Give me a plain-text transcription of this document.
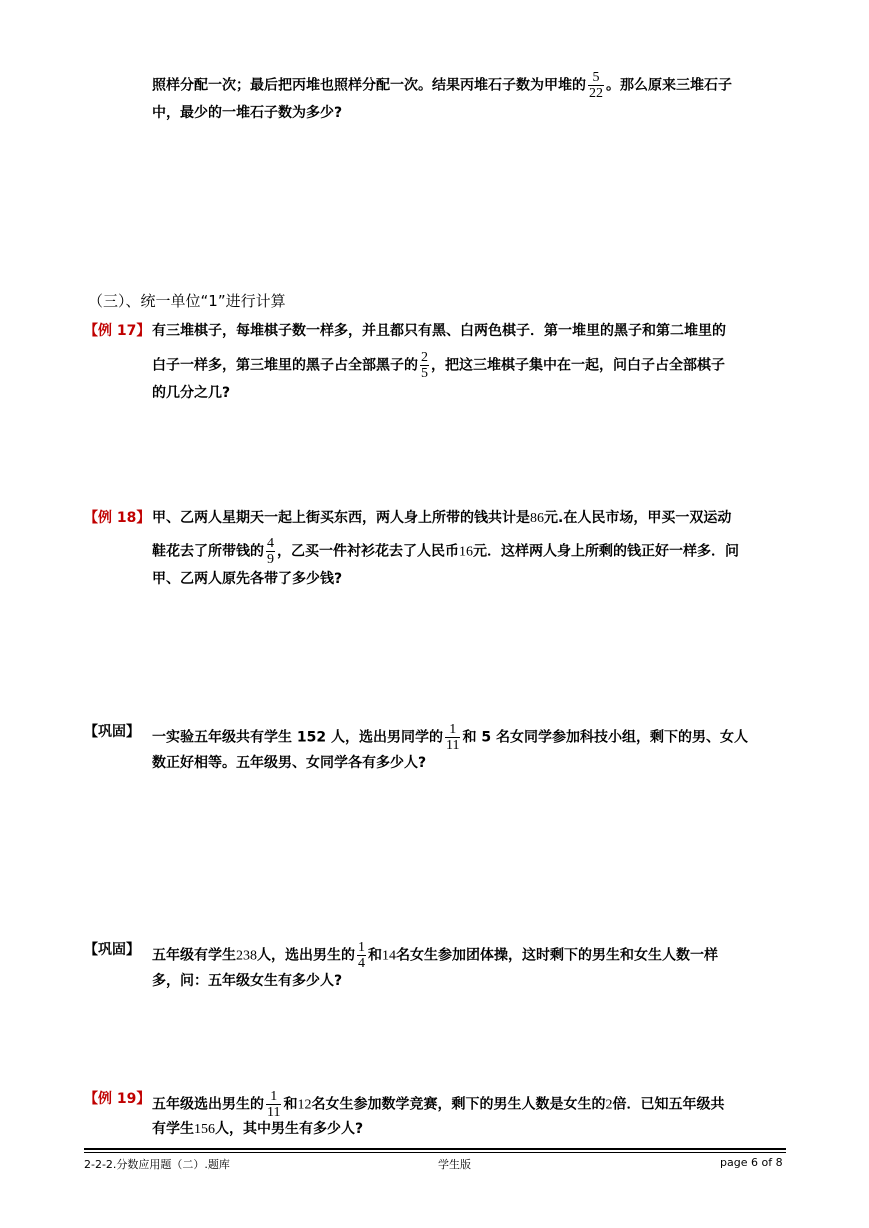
照样分配一次；最后把丙堆也照样分配一次。结果丙堆石子数为甲堆的 $\frac{5}{22}$ 。那么原来三堆石子
中，最少的一堆石子数为多少?
（三）、统一单位“1”进行计算
【例 17】 有三堆棋子，每堆棋子数一样多，并且都只有黑、白两色棋子．第一堆里的黑子和第二堆里的
白子一样多，第三堆里的黑子占全部黑子的 $\frac{2}{5}$ ，把这三堆棋子集中在一起，问白子占全部棋子
的几分之几?
【例 18】 甲、乙两人星期天一起上街买东西，两人身上所带的钱共计是86元.在人民市场，甲买一双运动
鞋花去了所带钱的 $\frac{4}{9}$ ，乙买一件衬衫花去了人民币16元．这样两人身上所剩的钱正好一样多．问
甲、乙两人原先各带了多少钱?
【巩固】 一实验五年级共有学生 152 人，选出男同学的 $\frac{1}{11}$ 和 5 名女同学参加科技小组，剩下的男、女人
数正好相等。五年级男、女同学各有多少人?
【巩固】 五年级有学生238人，选出男生的 $\frac{1}{4}$ 和14名女生参加团体操，这时剩下的男生和女生人数一样
多，问：五年级女生有多少人?
【例 19】 五年级选出男生的 $\frac{1}{11}$ 和12名女生参加数学竞赛，剩下的男生人数是女生的2倍．已知五年级共
有学生156人，其中男生有多少人?
2-2-2.分数应用题（二）.题库	学生版	page 6 of 8
